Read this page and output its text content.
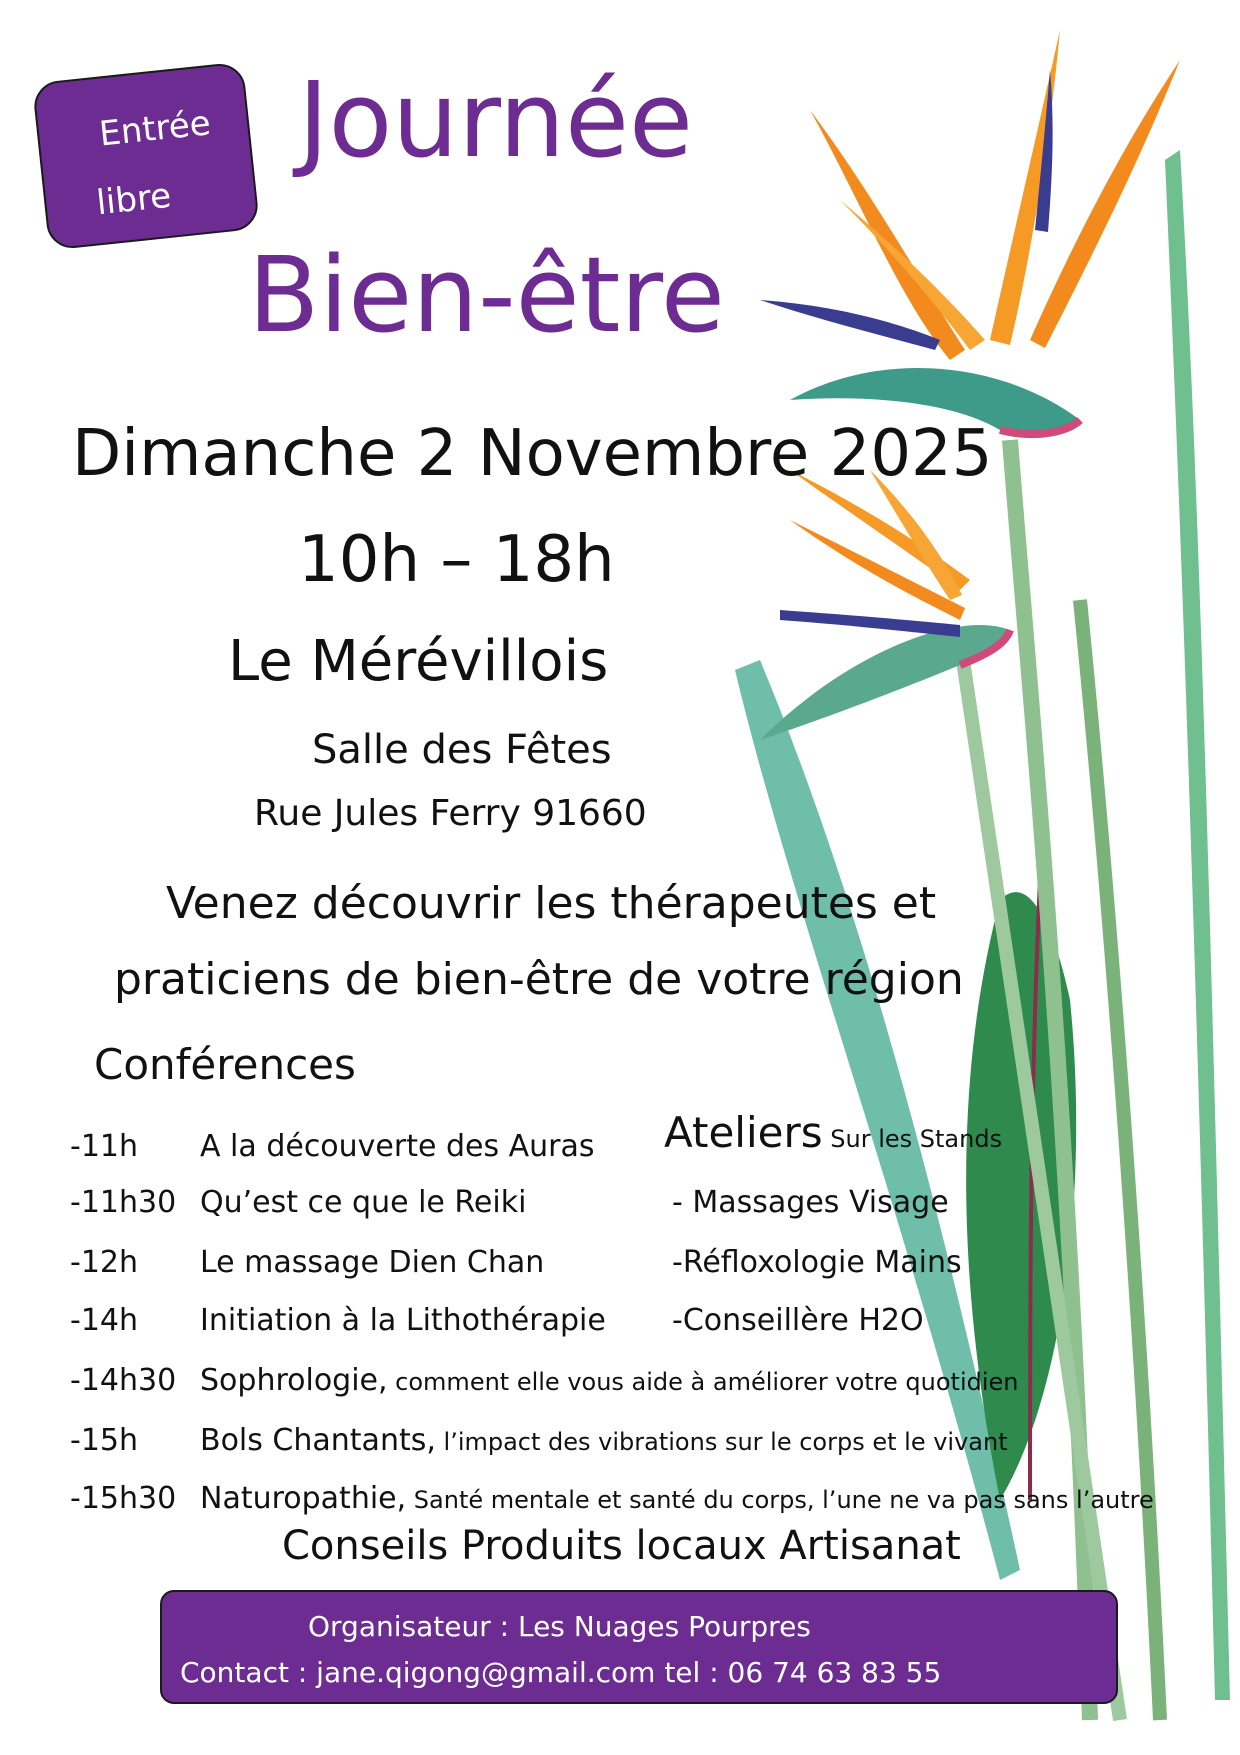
Entrée
libre
Journée
Bien-être
Dimanche 2 Novembre 2025
10h – 18h
Le Mérévillois
Salle des Fêtes
Rue Jules Ferry 91660
Venez découvrir les thérapeutes et
praticiens de bien-être de votre région
Conférences
-11h A la découverte des Auras
-11h30 Qu’est ce que le Reiki
-12h Le massage Dien Chan
-14h Initiation à la Lithothérapie
-14h30 Sophrologie, comment elle vous aide à améliorer votre quotidien
-15h Bols Chantants, l’impact des vibrations sur le corps et le vivant
-15h30 Naturopathie, Santé mentale et santé du corps, l’une ne va pas sans l’autre
Ateliers Sur les Stands
- Massages Visage
-Réfloxologie Mains
-Conseillère H2O
Conseils Produits locaux Artisanat
Organisateur : Les Nuages Pourpres
Contact : jane.qigong@gmail.com tel : 06 74 63 83 55
